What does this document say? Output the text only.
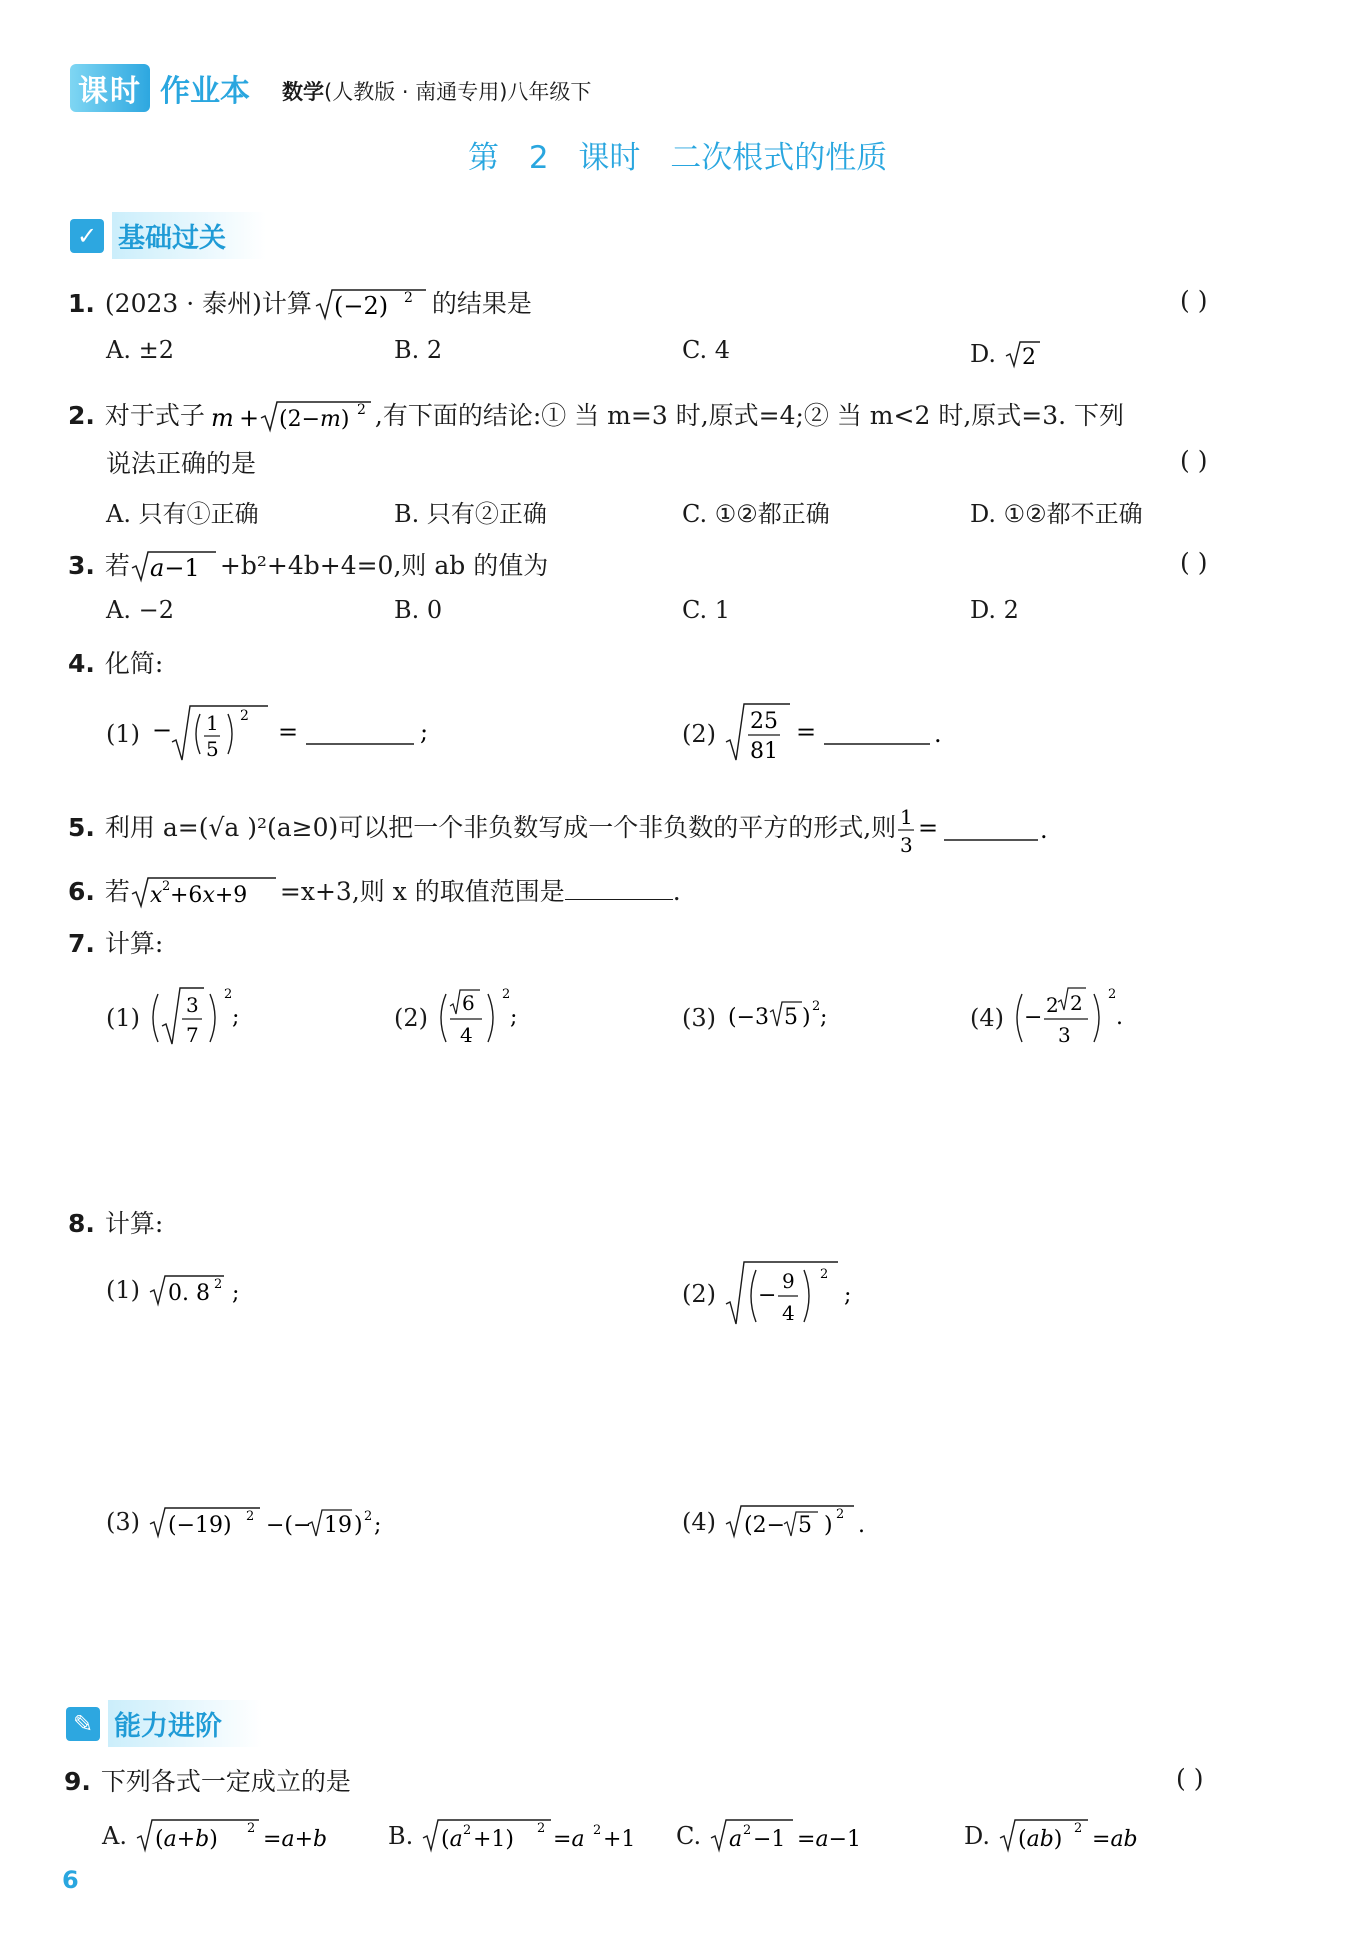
课时 作业本 数学(人教版 · 南通专用)八年级下
第 2 课时 二次根式的性质
✓ 基础过关
1. (2023 · 泰州)计算 (−2) 2 的结果是	( )
A. ±2	B. 2	C. 4	D. 2
2. 对于式子 m + (2−m) 2 ,有下面的结论:① 当 m=3 时,原式=4;② 当 m<2 时,原式=3. 下列
说法正确的是	( )
A. 只有①正确	B. 只有②正确	C. ①②都正确	D. ①②都不正确
3. 若 a−1 +b²+4b+4=0,则 ab 的值为	( )
A. −2	B. 0	C. 1	D. 2
4. 化简:
(1) − 1
5
2
=	;	(2) 25
81
=	.
5. 利用 a=(√a )²(a≥0)可以把一个非负数写成一个非负数的平方的形式,则 1
3
=	.
6. 若 x 2 +6x+9 =x+3,则 x 的取值范围是	.
7. 计算:
(1) 3
7
2
;	(2)
6
4
2
;	(3) (−3 5 ) 2 ;	(4) − 2 2
3
2
.
8. 计算:
(1) 0. 8 2 ;	(2) −
9
4
2
;
(3) (−19) 2 −(− 19 ) 2 ;	(4) (2− 5 ) 2 .
✎ 能力进阶
9. 下列各式一定成立的是	( )
A. (a+b) 2 =a+b	B. (a 2 +1) 2 =a 2 +1 C. a 2 −1 =a−1	D. (ab) 2 =ab
6
